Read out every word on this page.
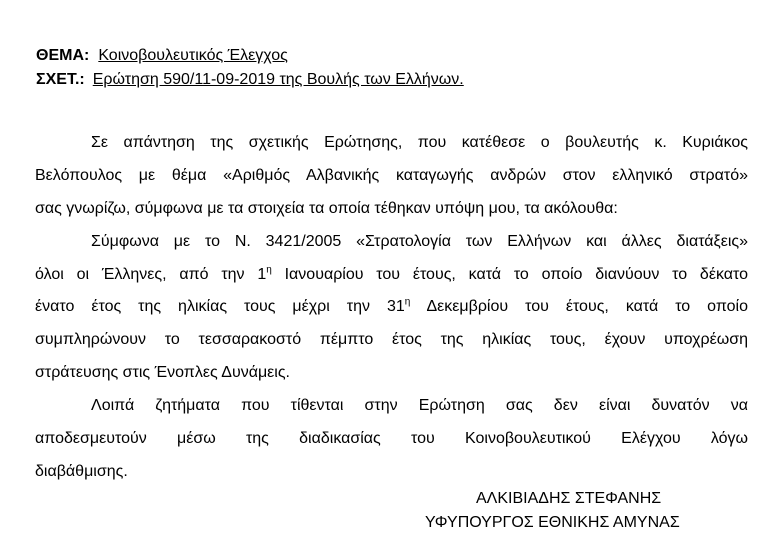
ΘΕΜΑ: Κοινοβουλευτικός Έλεγχος
ΣΧΕΤ.: Ερώτηση 590/11-09-2019 της Βουλής των Ελλήνων.
Σε απάντηση της σχετικής Ερώτησης, που κατέθεσε ο βουλευτής κ. Κυριάκος
Βελόπουλος με θέμα «Αριθμός Αλβανικής καταγωγής ανδρών στον ελληνικό στρατό»
σας γνωρίζω, σύμφωνα με τα στοιχεία τα οποία τέθηκαν υπόψη μου, τα ακόλουθα:
Σύμφωνα με το Ν. 3421/2005 «Στρατολογία των Ελλήνων και άλλες διατάξεις»
όλοι οι Έλληνες, από την $1^\eta$ Ιανουαρίου του έτους, κατά το οποίο διανύουν το δέκατο
ένατο έτος της ηλικίας τους μέχρι την $31^\eta$ Δεκεμβρίου του έτους, κατά το οποίο
συμπληρώνουν το τεσσαρακοστό πέμπτο έτος της ηλικίας τους, έχουν υποχρέωση
στράτευσης στις Ένοπλες Δυνάμεις.
Λοιπά ζητήματα που τίθενται στην Ερώτηση σας δεν είναι δυνατόν να
αποδεσμευτούν μέσω της διαδικασίας του Κοινοβουλευτικού Ελέγχου λόγω
διαβάθμισης.
ΑΛΚΙΒΙΑΔΗΣ ΣΤΕΦΑΝΗΣ
ΥΦΥΠΟΥΡΓΟΣ ΕΘΝΙΚΗΣ ΑΜΥΝΑΣ
